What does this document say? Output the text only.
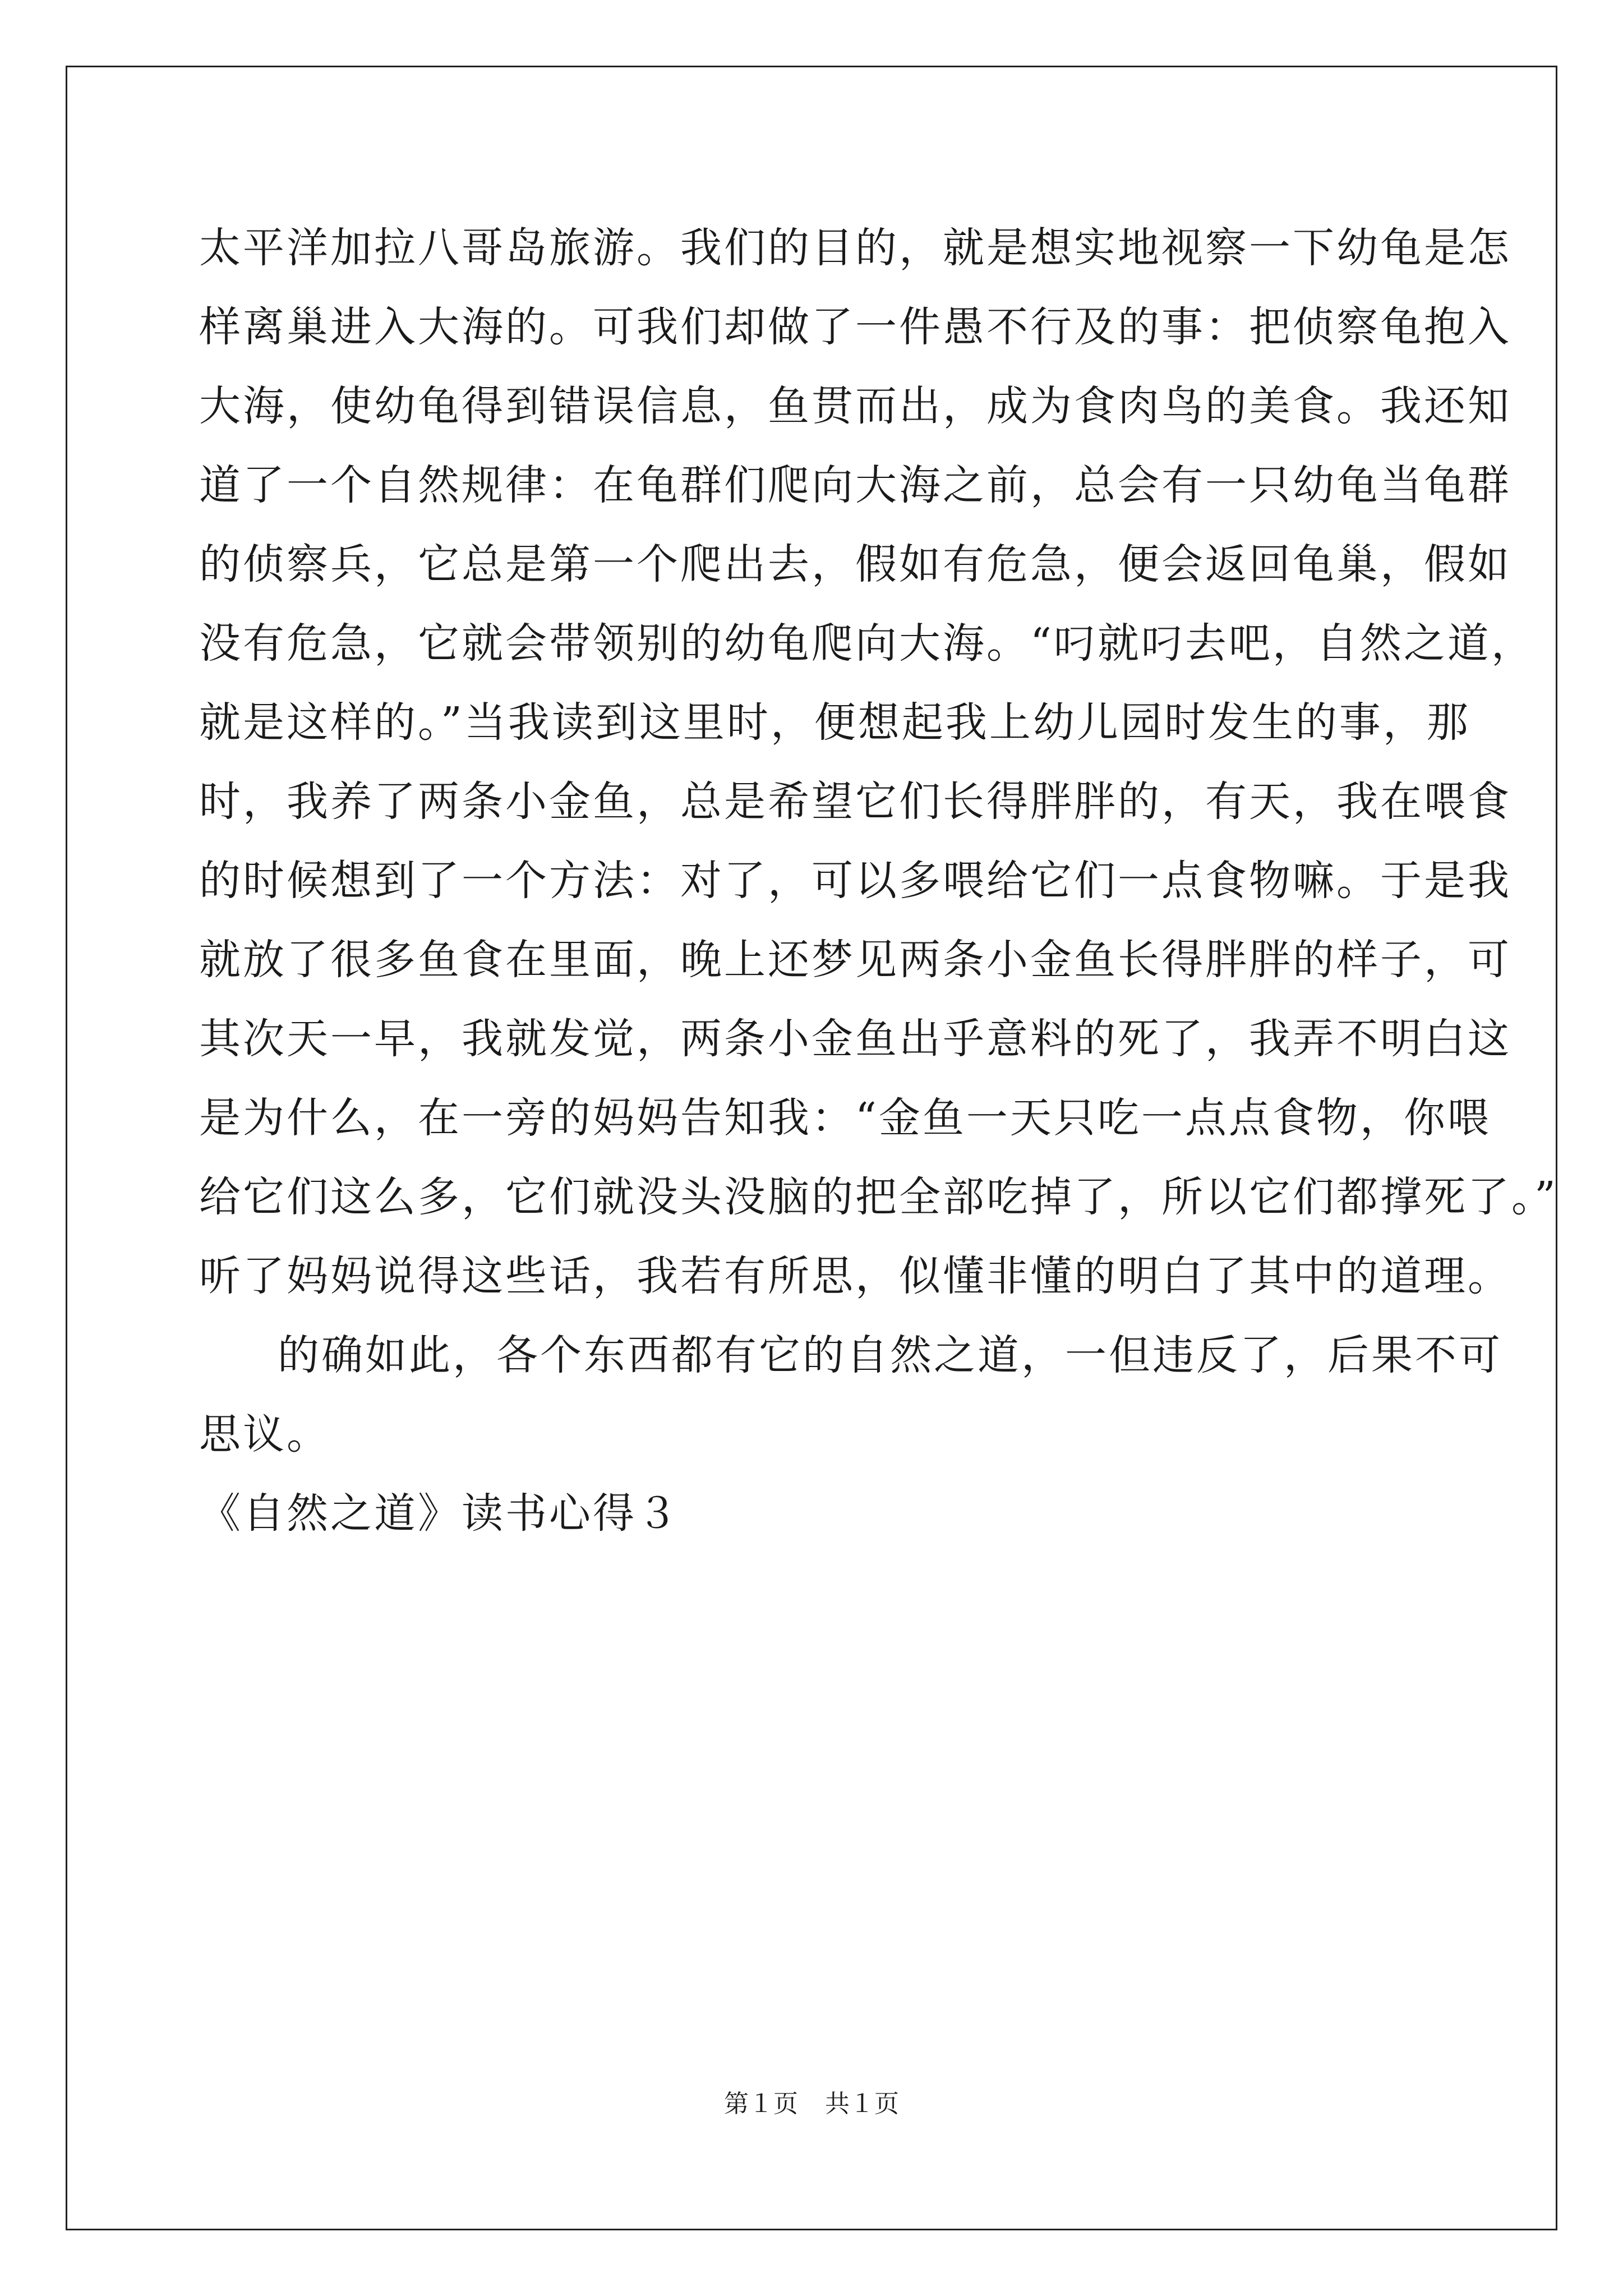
太平洋加拉八哥岛旅游。我们的目的，就是想实地视察一下幼龟是怎
样离巢进入大海的。可我们却做了一件愚不行及的事：把侦察龟抱入
大海，使幼龟得到错误信息，鱼贯而出，成为食肉鸟的美食。我还知
道了一个自然规律：在龟群们爬向大海之前，总会有一只幼龟当龟群
的侦察兵，它总是第一个爬出去，假如有危急，便会返回龟巢，假如
没有危急，它就会带领别的幼龟爬向大海。“叼就叼去吧，自然之道，
就是这样的。”当我读到这里时，便想起我上幼儿园时发生的事，那
时，我养了两条小金鱼，总是希望它们长得胖胖的，有天，我在喂食
的时候想到了一个方法：对了，可以多喂给它们一点食物嘛。于是我
就放了很多鱼食在里面，晚上还梦见两条小金鱼长得胖胖的样子，可
其次天一早，我就发觉，两条小金鱼出乎意料的死了，我弄不明白这
是为什么，在一旁的妈妈告知我：“金鱼一天只吃一点点食物，你喂
给它们这么多，它们就没头没脑的把全部吃掉了，所以它们都撑死了。”
听了妈妈说得这些话，我若有所思，似懂非懂的明白了其中的道理。
的确如此，各个东西都有它的自然之道，一但违反了，后果不可
思议。
《自然之道》读书心得３
第１页 共１页
